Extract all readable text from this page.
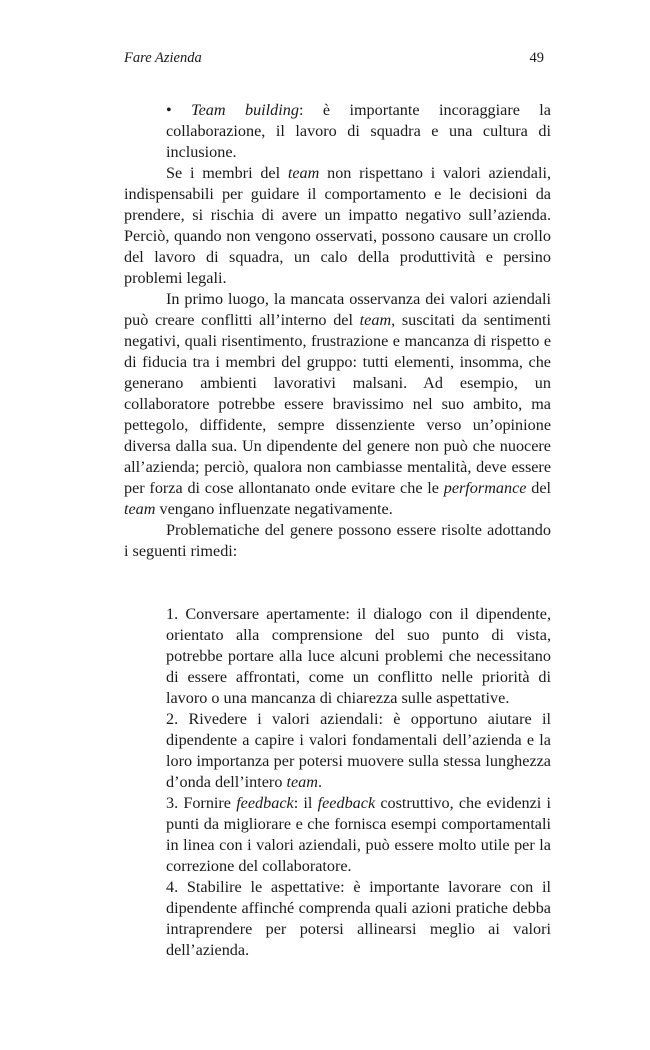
Fare Azienda	49

• Team building: è importante incoraggiare la collaborazione, il lavoro di squadra e una cultura di inclusione.

Se i membri del team non rispettano i valori aziendali, indispensabili per guidare il comportamento e le decisioni da prendere, si rischia di avere un impatto negativo sull’azienda. Perciò, quando non vengono osservati, possono causare un crollo del lavoro di squadra, un calo della produttività e persino problemi legali.

In primo luogo, la mancata osservanza dei valori aziendali può creare conflitti all’interno del team, suscitati da sentimenti negativi, quali risentimento, frustrazione e mancanza di rispetto e di fiducia tra i membri del gruppo: tutti elementi, insomma, che generano ambienti lavorativi malsani. Ad esempio, un collaboratore potrebbe essere bravissimo nel suo ambito, ma pettegolo, diffidente, sempre dissenziente verso un’opinione diversa dalla sua. Un dipendente del genere non può che nuocere all’azienda; perciò, qualora non cambiasse mentalità, deve essere per forza di cose allontanato onde evitare che le performance del team vengano influenzate negativamente.

Problematiche del genere possono essere risolte adottando i seguenti rimedi:

1. Conversare apertamente: il dialogo con il dipendente, orientato alla comprensione del suo punto di vista, potrebbe portare alla luce alcuni problemi che necessitano di essere affrontati, come un conflitto nelle priorità di lavoro o una mancanza di chiarezza sulle aspettative.

2. Rivedere i valori aziendali: è opportuno aiutare il dipendente a capire i valori fondamentali dell’azienda e la loro importanza per potersi muovere sulla stessa lunghezza d’onda dell’intero team.

3. Fornire feedback: il feedback costruttivo, che evidenzi i punti da migliorare e che fornisca esempi comportamentali in linea con i valori aziendali, può essere molto utile per la correzione del collaboratore.

4. Stabilire le aspettative: è importante lavorare con il dipendente affinché comprenda quali azioni pratiche debba intraprendere per potersi allinearsi meglio ai valori dell’azienda.
